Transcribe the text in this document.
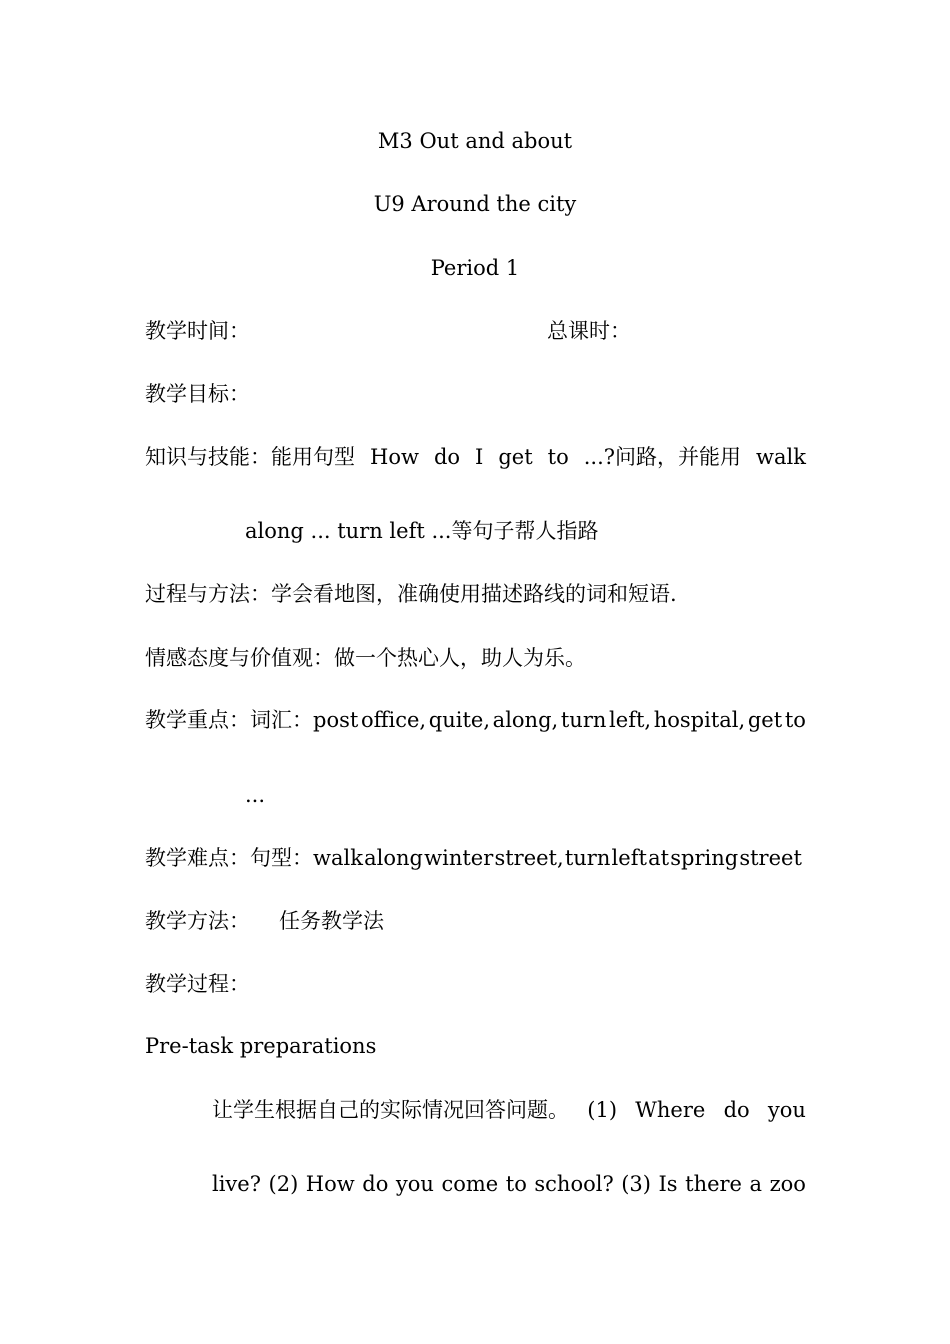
M3 Out and about
U9 Around the city
Period 1
教学时间：	总课时：
教学目标：
知识与技能：能用句型 How do I get to ...?问路，并能用 walk
along ... turn left ...等句子帮人指路
过程与方法：学会看地图，准确使用描述路线的词和短语.
情感态度与价值观：做一个热心人，助人为乐。
教学重点：词汇：post office, quite, along, turn left, hospital, get to
...
教学难点：句型：walk along winter street, turn left at spring street
教学方法： 任务教学法
教学过程：
Pre-task preparations
让学生根据自己的实际情况回答问题。 (1) Where do you
live? (2) How do you come to school? (3) Is there a zoo
